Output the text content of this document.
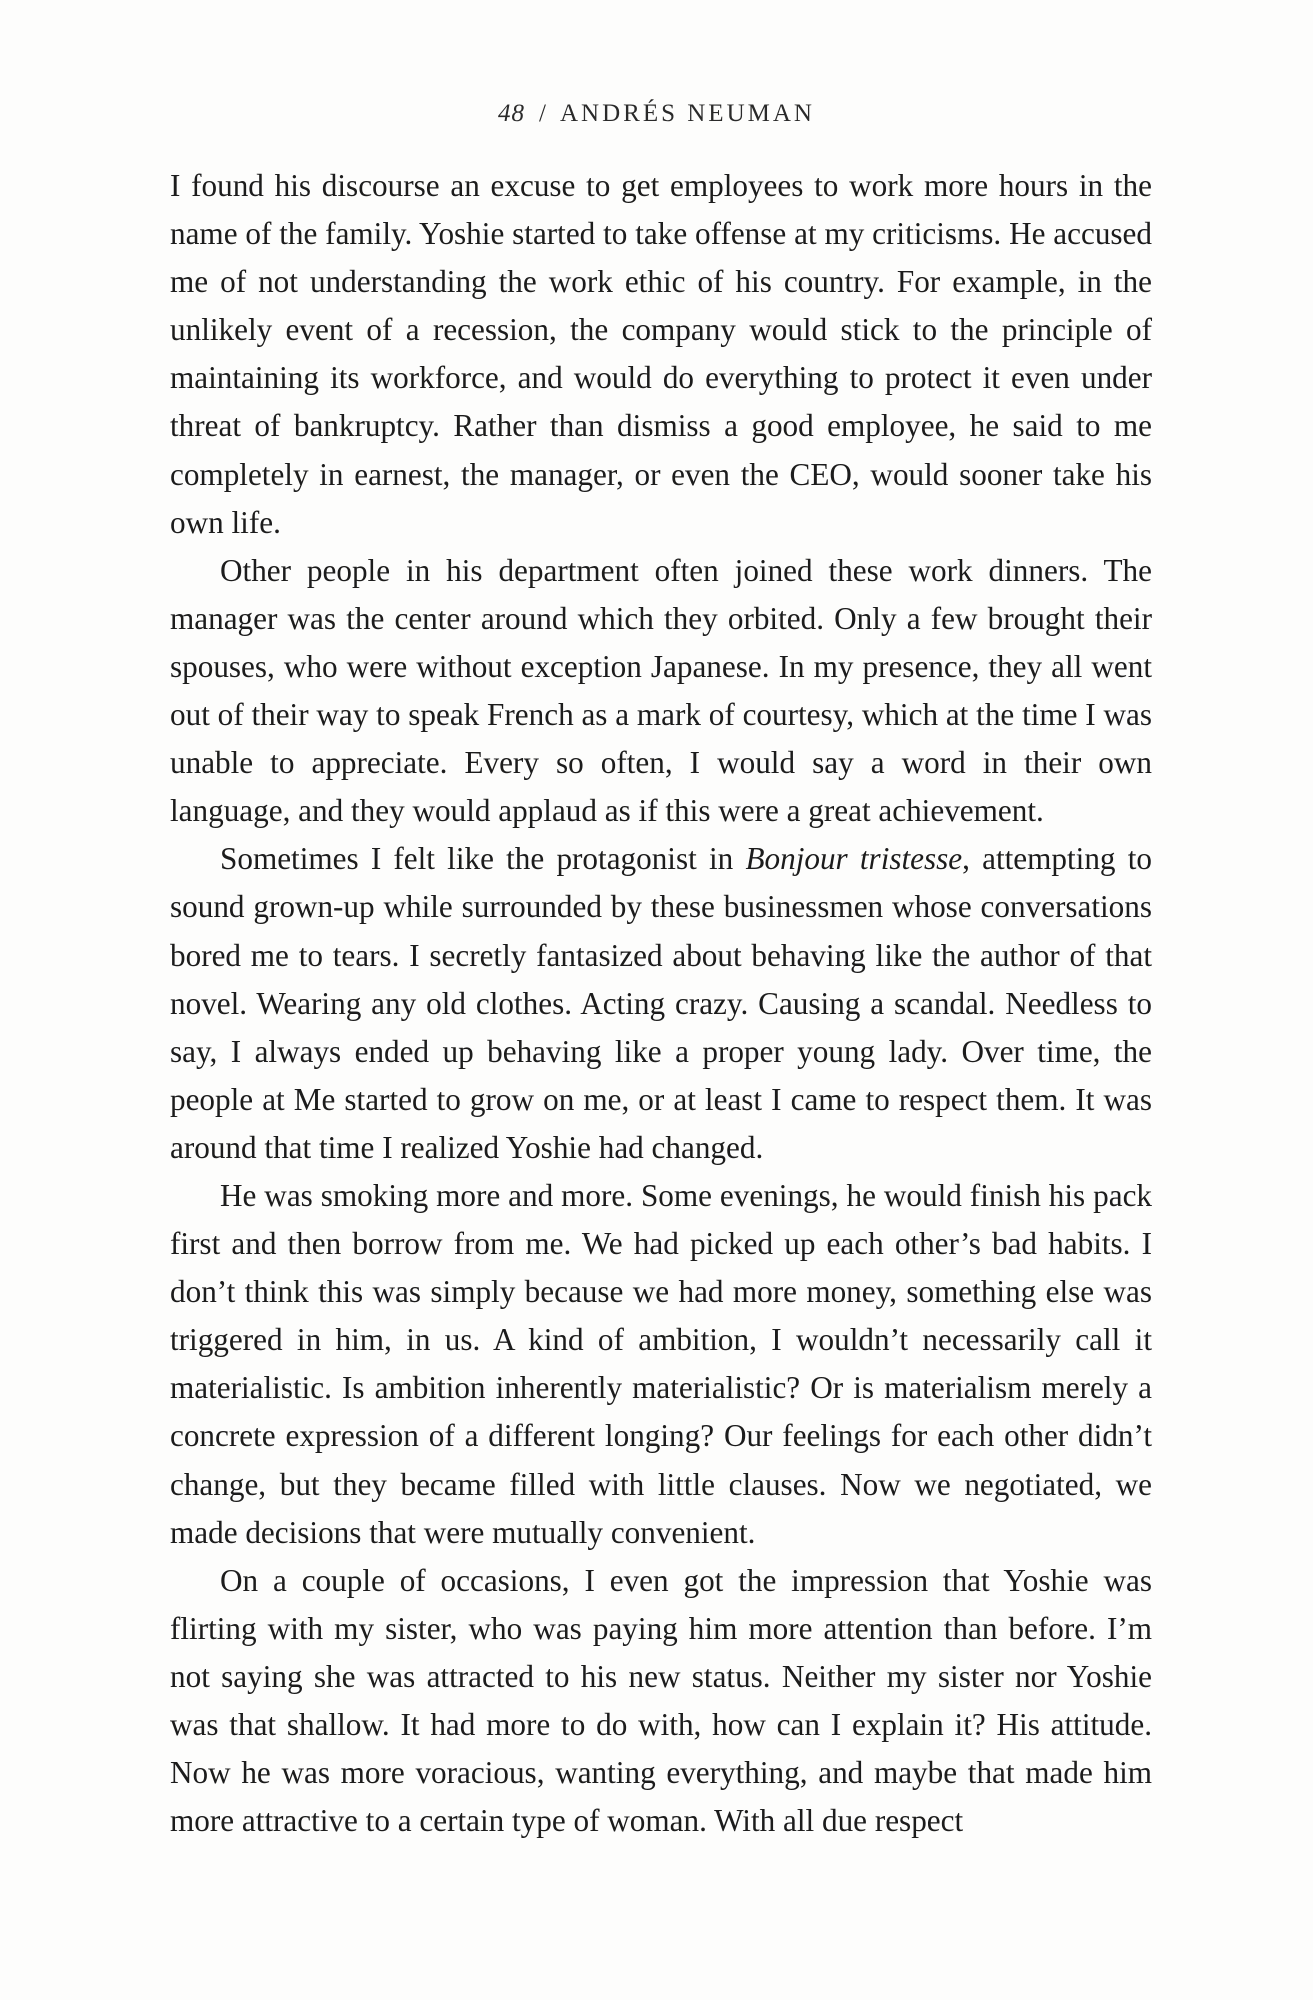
48 / ANDRÉS NEUMAN

I found his discourse an excuse to get employees to work more hours in the name of the family. Yoshie started to take offense at my criticisms. He accused me of not understanding the work ethic of his country. For example, in the unlikely event of a recession, the company would stick to the principle of maintaining its workforce, and would do everything to protect it even under threat of bankruptcy. Rather than dismiss a good employee, he said to me completely in earnest, the manager, or even the CEO, would sooner take his own life.

Other people in his department often joined these work dinners. The manager was the center around which they orbited. Only a few brought their spouses, who were without exception Japanese. In my presence, they all went out of their way to speak French as a mark of courtesy, which at the time I was unable to appreciate. Every so often, I would say a word in their own language, and they would applaud as if this were a great achievement.

Sometimes I felt like the protagonist in Bonjour tristesse, attempting to sound grown-up while surrounded by these businessmen whose conversations bored me to tears. I secretly fantasized about behaving like the author of that novel. Wearing any old clothes. Acting crazy. Causing a scandal. Needless to say, I always ended up behaving like a proper young lady. Over time, the people at Me started to grow on me, or at least I came to respect them. It was around that time I realized Yoshie had changed.

He was smoking more and more. Some evenings, he would finish his pack first and then borrow from me. We had picked up each other’s bad habits. I don’t think this was simply because we had more money, something else was triggered in him, in us. A kind of ambition, I wouldn’t necessarily call it materialistic. Is ambition inherently materialistic? Or is materialism merely a concrete expression of a different longing? Our feelings for each other didn’t change, but they became filled with little clauses. Now we negotiated, we made decisions that were mutually convenient.

On a couple of occasions, I even got the impression that Yoshie was flirting with my sister, who was paying him more attention than before. I’m not saying she was attracted to his new status. Neither my sister nor Yoshie was that shallow. It had more to do with, how can I explain it? His attitude. Now he was more voracious, wanting everything, and maybe that made him more attractive to a certain type of woman. With all due respect
